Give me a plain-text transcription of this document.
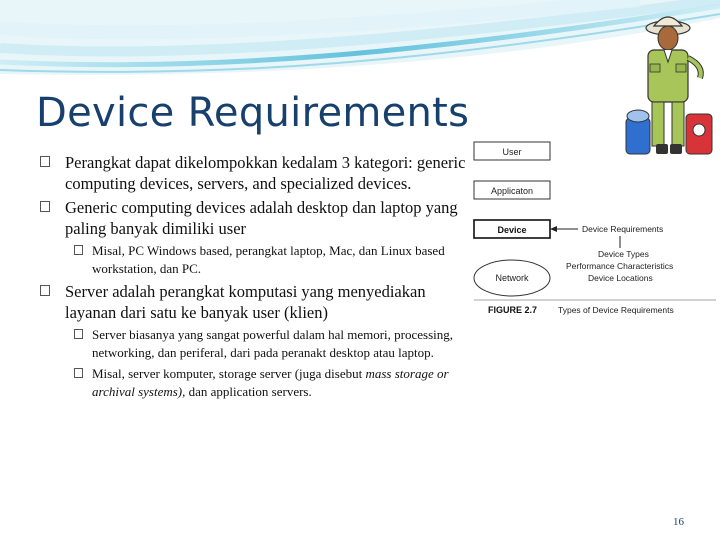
Device Requirements
Perangkat dapat dikelompokkan kedalam 3 kategori: generic computing devices, servers, and specialized devices.
Generic computing devices adalah desktop dan laptop yang paling banyak dimiliki user
Misal, PC Windows based, perangkat laptop, Mac, dan Linux based workstation, dan PC.
Server adalah perangkat komputasi yang menyediakan layanan dari satu ke banyak user (klien)
Server biasanya yang sangat powerful dalam hal memori, processing, networking, dan periferal, dari pada peranakt desktop atau laptop.
Misal, server komputer, storage server (juga disebut mass storage or archival systems), dan application servers.
User
Applicaton
Device
Network
Device Requirements
Device Types
Performance Characteristics
Device Locations
FIGURE 2.7 Types of Device Requirements
16
